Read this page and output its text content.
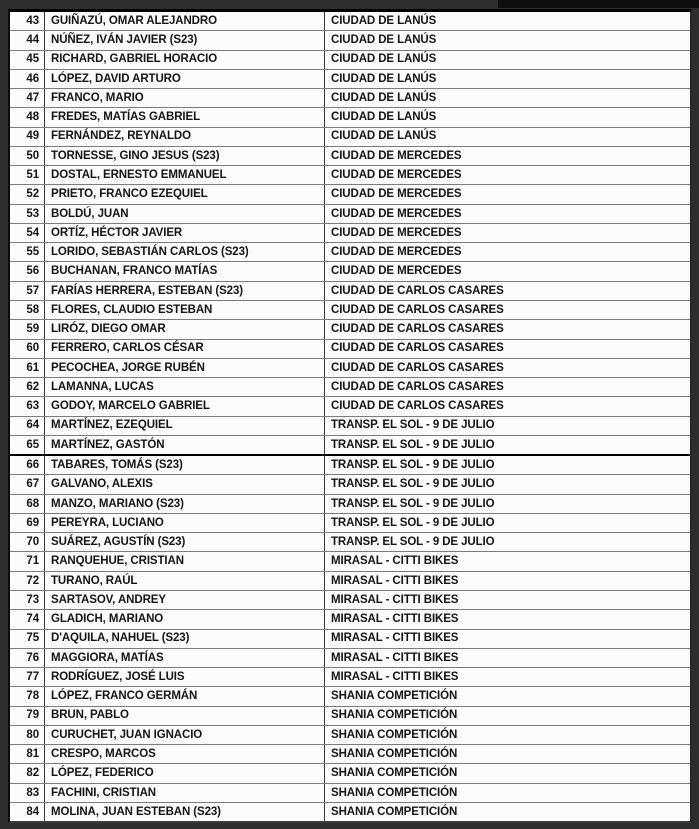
43	GUIÑAZÚ, OMAR ALEJANDRO	CIUDAD DE LANÚS
44	NÚÑEZ, IVÁN JAVIER (S23)	CIUDAD DE LANÚS
45	RICHARD, GABRIEL HORACIO	CIUDAD DE LANÚS
46	LÓPEZ, DAVID ARTURO	CIUDAD DE LANÚS
47	FRANCO, MARIO	CIUDAD DE LANÚS
48	FREDES, MATÍAS GABRIEL	CIUDAD DE LANÚS
49	FERNÁNDEZ, REYNALDO	CIUDAD DE LANÚS
50	TORNESSE, GINO JESUS (S23)	CIUDAD DE MERCEDES
51	DOSTAL, ERNESTO EMMANUEL	CIUDAD DE MERCEDES
52	PRIETO, FRANCO EZEQUIEL	CIUDAD DE MERCEDES
53	BOLDÚ, JUAN	CIUDAD DE MERCEDES
54	ORTÍZ, HÉCTOR JAVIER	CIUDAD DE MERCEDES
55	LORIDO, SEBASTIÁN CARLOS (S23)	CIUDAD DE MERCEDES
56	BUCHANAN, FRANCO MATÍAS	CIUDAD DE MERCEDES
57	FARÍAS HERRERA, ESTEBAN (S23)	CIUDAD DE CARLOS CASARES
58	FLORES, CLAUDIO ESTEBAN	CIUDAD DE CARLOS CASARES
59	LIRÓZ, DIEGO OMAR	CIUDAD DE CARLOS CASARES
60	FERRERO, CARLOS CÉSAR	CIUDAD DE CARLOS CASARES
61	PECOCHEA, JORGE RUBÉN	CIUDAD DE CARLOS CASARES
62	LAMANNA, LUCAS	CIUDAD DE CARLOS CASARES
63	GODOY, MARCELO GABRIEL	CIUDAD DE CARLOS CASARES
64	MARTÍNEZ, EZEQUIEL	TRANSP. EL SOL - 9 DE JULIO
65	MARTÍNEZ, GASTÓN	TRANSP. EL SOL - 9 DE JULIO
66	TABARES, TOMÁS (S23)	TRANSP. EL SOL - 9 DE JULIO
67	GALVANO, ALEXIS	TRANSP. EL SOL - 9 DE JULIO
68	MANZO, MARIANO (S23)	TRANSP. EL SOL - 9 DE JULIO
69	PEREYRA, LUCIANO	TRANSP. EL SOL - 9 DE JULIO
70	SUÁREZ, AGUSTÍN (S23)	TRANSP. EL SOL - 9 DE JULIO
71	RANQUEHUE, CRISTIAN	MIRASAL - CITTI BIKES
72	TURANO, RAÚL	MIRASAL - CITTI BIKES
73	SARTASOV, ANDREY	MIRASAL - CITTI BIKES
74	GLADICH, MARIANO	MIRASAL - CITTI BIKES
75	D'AQUILA, NAHUEL (S23)	MIRASAL - CITTI BIKES
76	MAGGIORA, MATÍAS	MIRASAL - CITTI BIKES
77	RODRÍGUEZ, JOSÉ LUIS	MIRASAL - CITTI BIKES
78	LÓPEZ, FRANCO GERMÁN	SHANIA COMPETICIÓN
79	BRUN, PABLO	SHANIA COMPETICIÓN
80	CURUCHET, JUAN IGNACIO	SHANIA COMPETICIÓN
81	CRESPO, MARCOS	SHANIA COMPETICIÓN
82	LÓPEZ, FEDERICO	SHANIA COMPETICIÓN
83	FACHINI, CRISTIAN	SHANIA COMPETICIÓN
84	MOLINA, JUAN ESTEBAN (S23)	SHANIA COMPETICIÓN
